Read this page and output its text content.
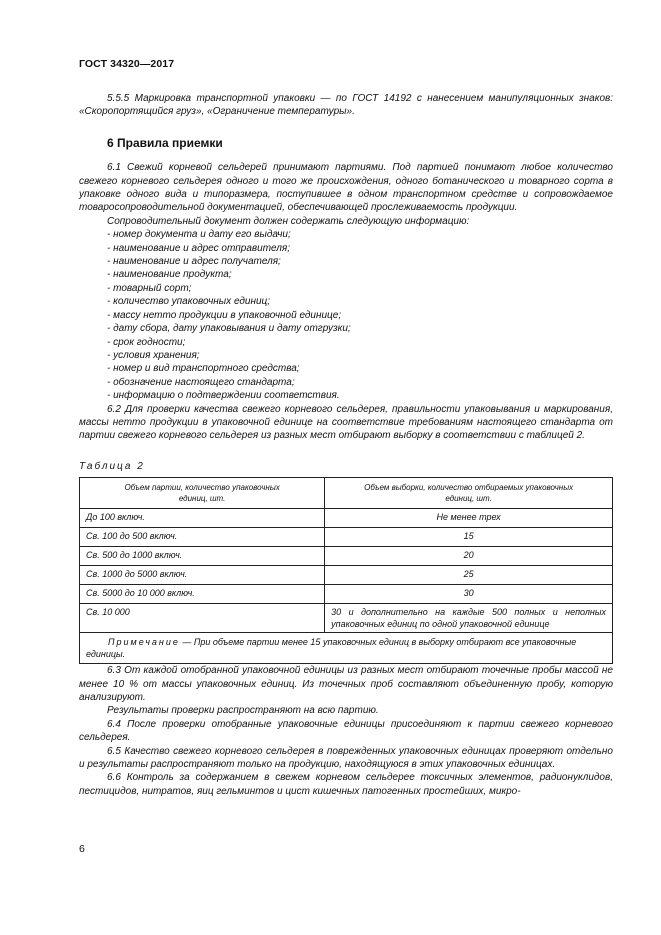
ГОСТ 34320—2017

5.5.5 Маркировка транспортной упаковки — по ГОСТ 14192 с нанесением манипуляционных знаков: «Скоропортящийся груз», «Ограничение температуры».

6 Правила приемки

6.1 Свежий корневой сельдерей принимают партиями. Под партией понимают любое количество свежего корневого сельдерея одного и того же происхождения, одного ботанического и товарного сорта в упаковке одного вида и типоразмера, поступившее в одном транспортном средстве и сопровождаемое товаросопроводительной документацией, обеспечивающей прослеживаемость продукции.

Сопроводительный документ должен содержать следующую информацию:

- номер документа и дату его выдачи;
- наименование и адрес отправителя;
- наименование и адрес получателя;
- наименование продукта;
- товарный сорт;
- количество упаковочных единиц;
- массу нетто продукции в упаковочной единице;
- дату сбора, дату упаковывания и дату отгрузки;
- срок годности;
- условия хранения;
- номер и вид транспортного средства;
- обозначение настоящего стандарта;
- информацию о подтверждении соответствия.

6.2 Для проверки качества свежего корневого сельдерея, правильности упаковывания и маркирования, массы нетто продукции в упаковочной единице на соответствие требованиям настоящего стандарта от партии свежего корневого сельдерея из разных мест отбирают выборку в соответствии с таблицей 2.

Таблица 2
Объем партии, количество упаковочных единиц, шт.	Объем выборки, количество отбираемых упаковочных единиц, шт.
До 100 включ.	Не менее трех
Св. 100 до 500 включ.	15
Св. 500 до 1000 включ.	20
Св. 1000 до 5000 включ.	25
Св. 5000 до 10 000 включ.	30
Св. 10 000	30 и дополнительно на каждые 500 полных и неполных упаковочных единиц по одной упаковочной единице
Примечание — При объеме партии менее 15 упаковочных единиц в выборку отбирают все упаковочные единицы.	

6.3 От каждой отобранной упаковочной единицы из разных мест отбирают точечные пробы массой не менее 10 % от массы упаковочных единиц. Из точечных проб составляют объединенную пробу, которую анализируют.

Результаты проверки распространяют на всю партию.

6.4 После проверки отобранные упаковочные единицы присоединяют к партии свежего корневого сельдерея.

6.5 Качество свежего корневого сельдерея в поврежденных упаковочных единицах проверяют отдельно и результаты распространяют только на продукцию, находящуюся в этих упаковочных единицах.

6.6 Контроль за содержанием в свежем корневом сельдерее токсичных элементов, радионуклидов, пестицидов, нитратов, яиц гельминтов и цист кишечных патогенных простейших, микро-

6
